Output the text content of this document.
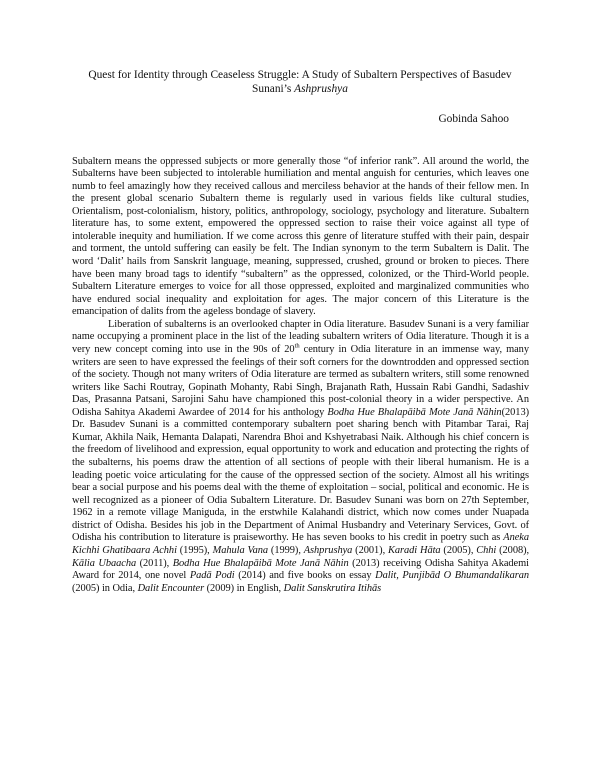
Quest for Identity through Ceaseless Struggle: A Study of Subaltern Perspectives of Basudev
Sunani’s Ashprushya
Gobinda Sahoo

Subaltern means the oppressed subjects or more generally those “of inferior rank”. All around the world, the Subalterns have been subjected to intolerable humiliation and mental anguish for centuries, which leaves one numb to feel amazingly how they received callous and merciless behavior at the hands of their fellow men. In the present global scenario Subaltern theme is regularly used in various fields like cultural studies, Orientalism, post-colonialism, history, politics, anthropology, sociology, psychology and literature. Subaltern literature has, to some extent, empowered the oppressed section to raise their voice against all type of intolerable inequity and humiliation. If we come across this genre of literature stuffed with their pain, despair and torment, the untold suffering can easily be felt. The Indian synonym to the term Subaltern is Dalit. The word ‘Dalit’ hails from Sanskrit language, meaning, suppressed, crushed, ground or broken to pieces. There have been many broad tags to identify “subaltern” as the oppressed, colonized, or the Third-World people. Subaltern Literature emerges to voice for all those oppressed, exploited and marginalized communities who have endured social inequality and exploitation for ages. The major concern of this Literature is the emancipation of dalits from the ageless bondage of slavery.

Liberation of subalterns is an overlooked chapter in Odia literature. Basudev Sunani is a very familiar name occupying a prominent place in the list of the leading subaltern writers of Odia literature. Though it is a very new concept coming into use in the 90s of 20th century in Odia literature in an immense way, many writers are seen to have expressed the feelings of their soft corners for the downtrodden and oppressed section of the society. Though not many writers of Odia literature are termed as subaltern writers, still some renowned writers like Sachi Routray, Gopinath Mohanty, Rabi Singh, Brajanath Rath, Hussain Rabi Gandhi, Sadashiv Das, Prasanna Patsani, Sarojini Sahu have championed this post-colonial theory in a wider perspective. An Odisha Sahitya Akademi Awardee of 2014 for his anthology Bodha Hue Bhalapāibā Mote Janā Nāhin(2013) Dr. Basudev Sunani is a committed contemporary subaltern poet sharing bench with Pitambar Tarai, Raj Kumar, Akhila Naik, Hemanta Dalapati, Narendra Bhoi and Kshyetrabasi Naik. Although his chief concern is the freedom of livelihood and expression, equal opportunity to work and education and protecting the rights of the subalterns, his poems draw the attention of all sections of people with their liberal humanism. He is a leading poetic voice articulating for the cause of the oppressed section of the society. Almost all his writings bear a social purpose and his poems deal with the theme of exploitation – social, political and economic. He is well recognized as a pioneer of Odia Subaltern Literature. Dr. Basudev Sunani was born on 27th September, 1962 in a remote village Maniguda, in the erstwhile Kalahandi district, which now comes under Nuapada district of Odisha. Besides his job in the Department of Animal Husbandry and Veterinary Services, Govt. of Odisha his contribution to literature is praiseworthy. He has seven books to his credit in poetry such as Aneka Kichhi Ghatibaara Achhi (1995), Mahula Vana (1999), Ashprushya (2001), Karadi Hāta (2005), Chhi (2008), Kālia Ubaacha (2011), Bodha Hue Bhalapāibā Mote Janā Nāhin (2013) receiving Odisha Sahitya Akademi Award for 2014, one novel Padā Podi (2014) and five books on essay Dalit, Punjibād O Bhumandalikaran (2005) in Odia, Dalit Encounter (2009) in English, Dalit Sanskrutira Itihās
